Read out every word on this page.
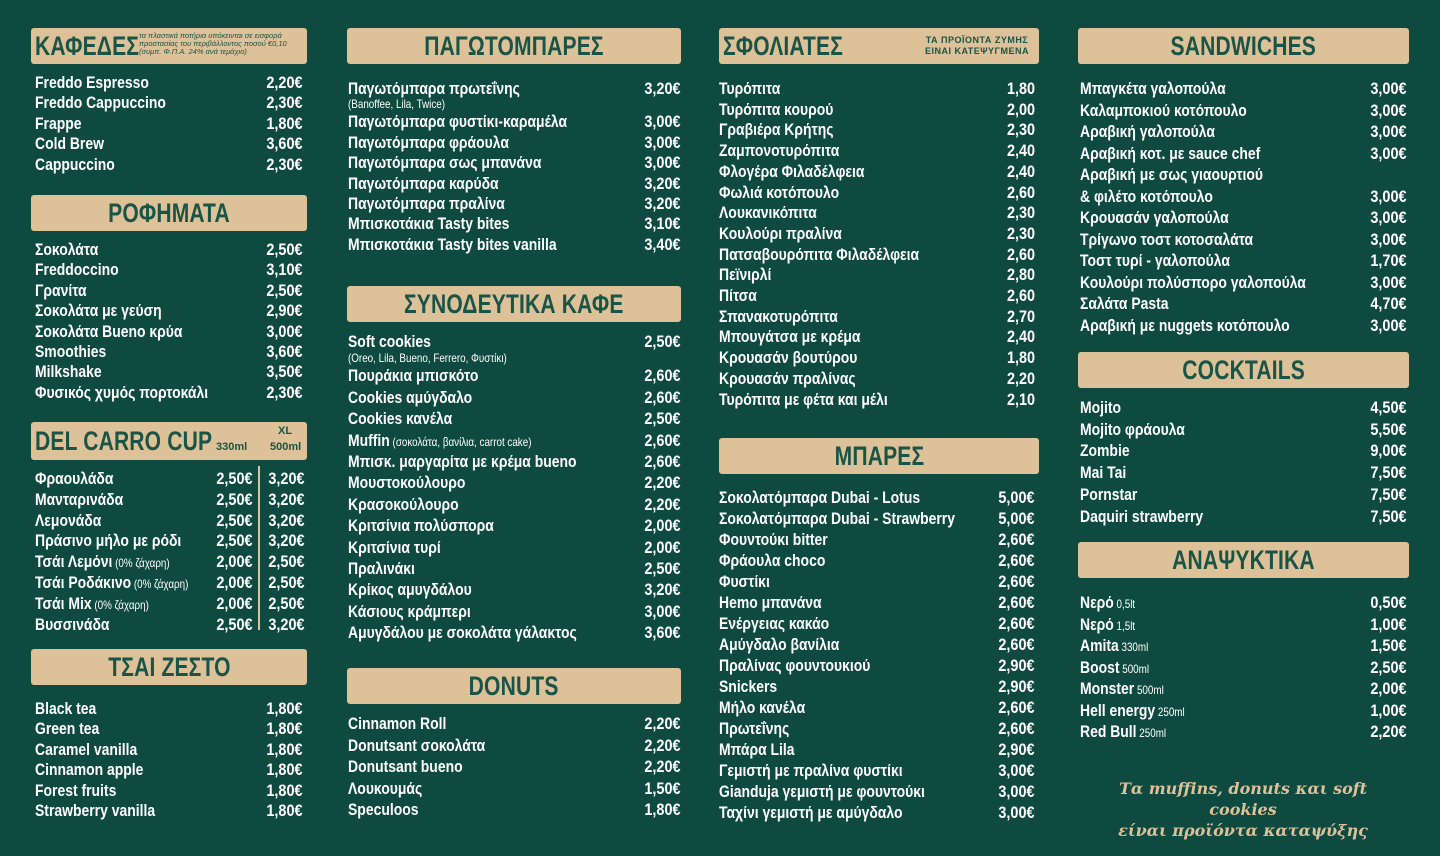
ΚΑΦΕΔΕΣ τα πλαστικά ποτήρια υπόκεινται σε εισφορά προστασίας του περιβάλλοντος ποσού €0,10 (συμπ. Φ.Π.Α. 24% ανά τεμάχιο)
Freddo Espresso	2,20€
Freddo Cappuccino	2,30€
Frappe	1,80€
Cold Brew	3,60€
Cappuccino	2,30€
ΡΟΦΗΜΑΤΑ
Σοκολάτα	2,50€
Freddoccino	3,10€
Γρανίτα	2,50€
Σοκολάτα με γεύση	2,90€
Σοκολάτα Bueno κρύα	3,00€
Smoothies	3,60€
Milkshake	3,50€
Φυσικός χυμός πορτοκάλι	2,30€
DEL CARRO CUP 330ml
XL
500ml
Φραουλάδα	2,50€ 3,20€
Μανταρινάδα	2,50€ 3,20€
Λεμονάδα	2,50€ 3,20€
Πράσινο μήλο με ρόδι 2,50€ 3,20€
Τσάι Λεμόνι (0% ζάχαρη)	2,00€ 2,50€
Τσάι Ροδάκινο (0% ζάχαρη) 2,00€ 2,50€
Τσάι Mix (0% ζάχαρη)	2,00€ 2,50€
Βυσσινάδα	2,50€ 3,20€
ΤΣΑΙ ΖΕΣΤΟ
Black tea	1,80€
Green tea	1,80€
Caramel vanilla	1,80€
Cinnamon apple	1,80€
Forest fruits	1,80€
Strawberry vanilla	1,80€
ΠΑΓΩΤΟΜΠΑΡΕΣ
Παγωτόμπαρα πρωτεΐνης	3,20€
(Banoffee, Lila, Twice)
Παγωτόμπαρα φυστίκι-καραμέλα	3,00€
Παγωτόμπαρα φράουλα	3,00€
Παγωτόμπαρα σως μπανάνα	3,00€
Παγωτόμπαρα καρύδα	3,20€
Παγωτόμπαρα πραλίνα	3,20€
Μπισκοτάκια Tasty bites	3,10€
Μπισκοτάκια Tasty bites vanilla	3,40€
ΣΥΝΟΔΕΥΤΙΚΑ ΚΑΦΕ
Soft cookies	2,50€
(Oreo, Lila, Bueno, Ferrero, Φυστίκι)
Πουράκια μπισκότο	2,60€
Cookies αμύγδαλο	2,60€
Cookies κανέλα	2,50€
Muffin (σοκολάτα, βανίλια, carrot cake)	2,60€
Μπισκ. μαργαρίτα με κρέμα bueno	2,60€
Μουστοκούλουρο	2,20€
Κρασοκούλουρο	2,20€
Κριτσίνια πολύσπορα	2,00€
Κριτσίνια τυρί	2,00€
Πραλινάκι	2,50€
Κρίκος αμυγδάλου	3,20€
Κάσιους κράμπερι	3,00€
Αμυγδάλου με σοκολάτα γάλακτος	3,60€
DONUTS
Cinnamon Roll	2,20€
Donutsant σοκολάτα	2,20€
Donutsant bueno	2,20€
Λουκουμάς	1,50€
Speculoos	1,80€
ΣΦΟΛΙΑΤΕΣ	ΤΑ ΠΡΟΪΟΝΤΑ ΖΥΜΗΣ ΕΙΝΑΙ ΚΑΤΕΨΥΓΜΕΝΑ
Τυρόπιτα	1,80
Τυρόπιτα κουρού	2,00
Γραβιέρα Κρήτης	2,30
Ζαμπονοτυρόπιτα	2,40
Φλογέρα Φιλαδέλφεια	2,40
Φωλιά κοτόπουλο	2,60
Λουκανικόπιτα	2,30
Κουλούρι πραλίνα	2,30
Πατσαβουρόπιτα Φιλαδέλφεια	2,60
Πεϊνιρλί	2,80
Πίτσα	2,60
Σπανακοτυρόπιτα	2,70
Μπουγάτσα με κρέμα	2,40
Κρουασάν βουτύρου	1,80
Κρουασάν πραλίνας	2,20
Τυρόπιτα με φέτα και μέλι	2,10
ΜΠΑΡΕΣ
Σοκολατόμπαρα Dubai - Lotus	5,00€
Σοκολατόμπαρα Dubai - Strawberry	5,00€
Φουντούκι bitter	2,60€
Φράουλα choco	2,60€
Φυστίκι	2,60€
Hemo μπανάνα	2,60€
Ενέργειας κακάο	2,60€
Αμύγδαλο βανίλια	2,60€
Πραλίνας φουντουκιού	2,90€
Snickers	2,90€
Μήλο κανέλα	2,60€
Πρωτεΐνης	2,60€
Μπάρα Lila	2,90€
Γεμιστή με πραλίνα φυστίκι	3,00€
Gianduja γεμιστή με φουντούκι	3,00€
Ταχίνι γεμιστή με αμύγδαλο	3,00€
SANDWICHES
Μπαγκέτα γαλοπούλα	3,00€
Καλαμποκιού κοτόπουλο	3,00€
Αραβική γαλοπούλα	3,00€
Αραβική κοτ. με sauce chef	3,00€
Αραβική με σως γιαουρτιού
& φιλέτο κοτόπουλο	3,00€
Κρουασάν γαλοπούλα	3,00€
Τρίγωνο τοστ κοτοσαλάτα	3,00€
Τοστ τυρί - γαλοπούλα	1,70€
Κουλούρι πολύσπορο γαλοπούλα	3,00€
Σαλάτα Pasta	4,70€
Αραβική με nuggets κοτόπουλο	3,00€
COCKTAILS
Mojito	4,50€
Mojito φράουλα	5,50€
Zombie	9,00€
Mai Tai	7,50€
Pornstar	7,50€
Daquiri strawberry	7,50€
ΑΝΑΨΥΚΤΙΚΑ
Νερό 0,5lt	0,50€
Νερό 1,5lt	1,00€
Amita 330ml	1,50€
Boost 500ml	2,50€
Monster 500ml	2,00€
Hell energy 250ml	1,00€
Red Bull 250ml	2,20€
Τα muffins, donuts και soft cookies
είναι προϊόντα καταψύξης
